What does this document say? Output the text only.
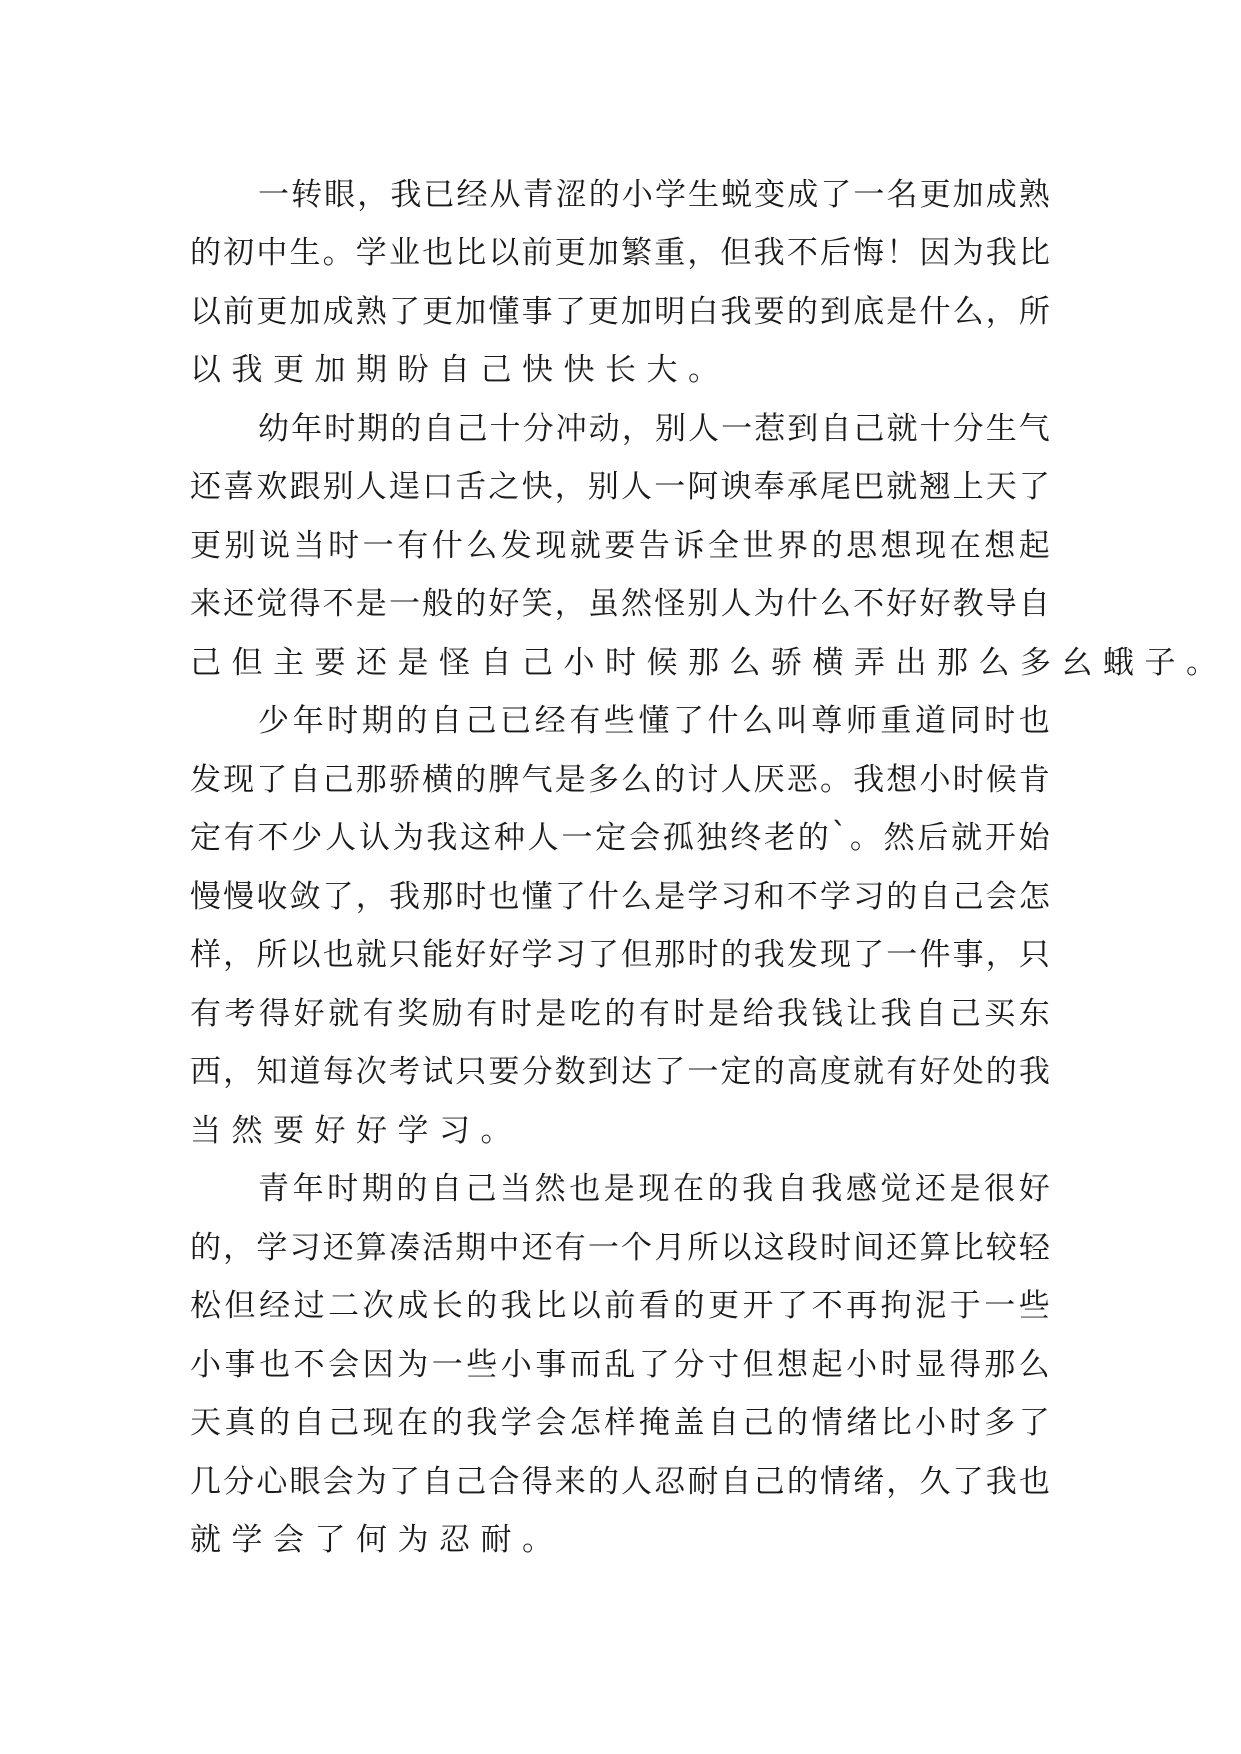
一 转 眼 ， 我 已 经 从 青 涩 的 小 学 生 蜕 变 成 了 一 名 更 加 成 熟
的 初 中 生 。 学 业 也 比 以 前 更 加 繁 重 ， 但 我 不 后 悔 ！ 因 为 我 比
以 前 更 加 成 熟 了 更 加 懂 事 了 更 加 明 白 我 要 的 到 底 是 什 么 ， 所
以 我 更 加 期 盼 自 己 快 快 长 大 。
幼 年 时 期 的 自 己 十 分 冲 动 ， 别 人 一 惹 到 自 己 就 十 分 生 气
还 喜 欢 跟 别 人 逞 口 舌 之 快 ， 别 人 一 阿 谀 奉 承 尾 巴 就 翘 上 天 了
更 别 说 当 时 一 有 什 么 发 现 就 要 告 诉 全 世 界 的 思 想 现 在 想 起
来 还 觉 得 不 是 一 般 的 好 笑 ， 虽 然 怪 别 人 为 什 么 不 好 好 教 导 自
己 但 主 要 还 是 怪 自 己 小 时 候 那 么 骄 横 弄 出 那 么 多 幺 蛾 子 。
少 年 时 期 的 自 己 已 经 有 些 懂 了 什 么 叫 尊 师 重 道 同 时 也
发 现 了 自 己 那 骄 横 的 脾 气 是 多 么 的 讨 人 厌 恶 。 我 想 小 时 候 肯
定 有 不 少 人 认 为 我 这 种 人 一 定 会 孤 独 终 老 的 ` 。 然 后 就 开 始
慢 慢 收 敛 了 ， 我 那 时 也 懂 了 什 么 是 学 习 和 不 学 习 的 自 己 会 怎
样 ， 所 以 也 就 只 能 好 好 学 习 了 但 那 时 的 我 发 现 了 一 件 事 ， 只
有 考 得 好 就 有 奖 励 有 时 是 吃 的 有 时 是 给 我 钱 让 我 自 己 买 东
西 ， 知 道 每 次 考 试 只 要 分 数 到 达 了 一 定 的 高 度 就 有 好 处 的 我
当 然 要 好 好 学 习 。
青 年 时 期 的 自 己 当 然 也 是 现 在 的 我 自 我 感 觉 还 是 很 好
的 ， 学 习 还 算 凑 活 期 中 还 有 一 个 月 所 以 这 段 时 间 还 算 比 较 轻
松 但 经 过 二 次 成 长 的 我 比 以 前 看 的 更 开 了 不 再 拘 泥 于 一 些
小 事 也 不 会 因 为 一 些 小 事 而 乱 了 分 寸 但 想 起 小 时 显 得 那 么
天 真 的 自 己 现 在 的 我 学 会 怎 样 掩 盖 自 己 的 情 绪 比 小 时 多 了
几 分 心 眼 会 为 了 自 己 合 得 来 的 人 忍 耐 自 己 的 情 绪 ， 久 了 我 也
就 学 会 了 何 为 忍 耐 。
